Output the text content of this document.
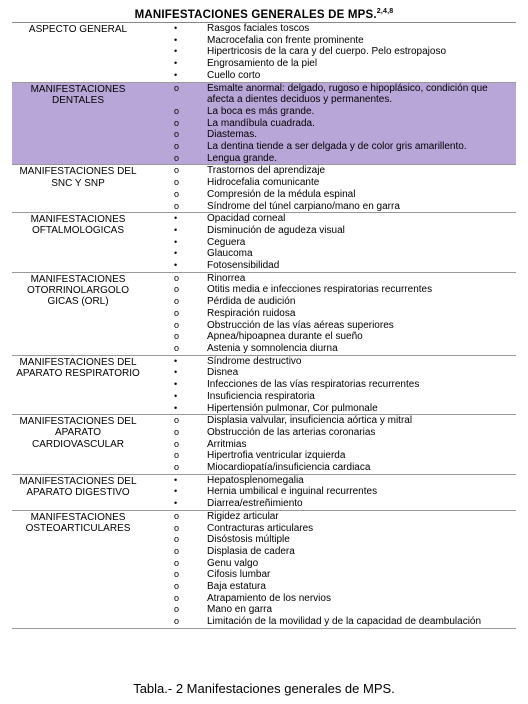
MANIFESTACIONES GENERALES DE MPS.$^{2,4,8}$
ASPECTO GENERAL
•	Rasgos faciales toscos
•
Macrocefalia con frente prominente
•
Hipertricosis de la cara y del cuerpo. Pelo estropajoso
•
Engrosamiento de la piel
•
Cuello corto
MANIFESTACIONES DENTALES
o
Esmalte anormal: delgado, rugoso e hipoplásico, condición que afecta a dientes deciduos y permanentes.
o
La boca es más grande.
o
La mandíbula cuadrada.
o
Diastemas.
o
La dentina tiende a ser delgada y de color gris amarillento.
o
Lengua grande.
MANIFESTACIONES DEL SNC Y SNP
o
Trastornos del aprendizaje
o
Hidrocefalia comunicante
o
Compresión de la médula espinal
o
Síndrome del túnel carpiano/mano en garra
MANIFESTACIONES OFTALMOLOGICAS
•
Opacidad corneal
•
Disminución de agudeza visual
•
Ceguera
•
Glaucoma
•
Fotosensibilidad
MANIFESTACIONES OTORRINOLARGOLO GICAS (ORL)
o
Rinorrea
o
Otitis media e infecciones respiratorias recurrentes
o
Pérdida de audición
o
Respiración ruidosa
o
Obstrucción de las vías aéreas superiores
o
Apnea/hipoapnea durante el sueño
o
Astenia y somnolencia diurna
MANIFESTACIONES DEL APARATO RESPIRATORIO
•
Síndrome destructivo
•
Disnea
•
Infecciones de las vías respiratorias recurrentes
•
Insuficiencia respiratoria
•
Hipertensión pulmonar, Cor pulmonale
MANIFESTACIONES DEL APARATO CARDIOVASCULAR
o
Displasia valvular, insuficiencia aórtica y mitral
o
Obstrucción de las arterias coronarias
o
Arritmias
o
Hipertrofia ventricular izquierda
o
Miocardiopatía/insuficiencia cardiaca
MANIFESTACIONES DEL APARATO DIGESTIVO
•
Hepatosplenomegalia
•
Hernia umbilical e inguinal recurrentes
•
Diarrea/estreñimiento
MANIFESTACIONES OSTEOARTICULARES
o
Rigidez articular
o
Contracturas articulares
o
Disóstosis múltiple
o
Displasia de cadera
o
Genu valgo
o
Cifosis lumbar
o
Baja estatura
o
Atrapamiento de los nervios
o
Mano en garra
o
Limitación de la movilidad y de la capacidad de deambulación
Tabla.- 2 Manifestaciones generales de MPS.
